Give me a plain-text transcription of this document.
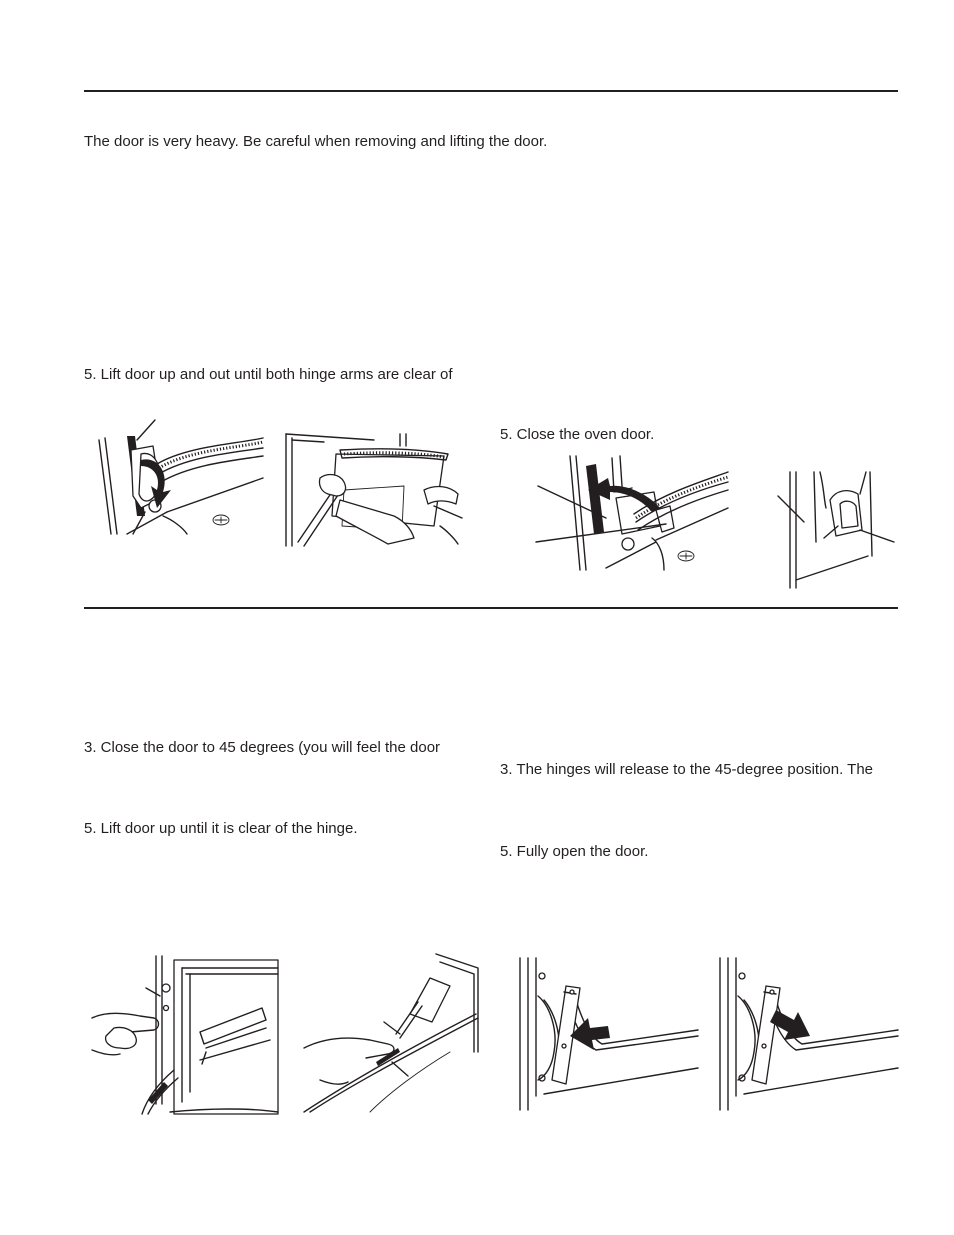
The door is very heavy. Be careful when removing and lifting the door.
5. Lift door up and out until both hinge arms are clear of
5. Close the oven door.
3. Close the door to 45 degrees (you will feel the door
3. The hinges will release to the 45-degree position. The
5. Lift door up until it is clear of the hinge.
5. Fully open the door.
